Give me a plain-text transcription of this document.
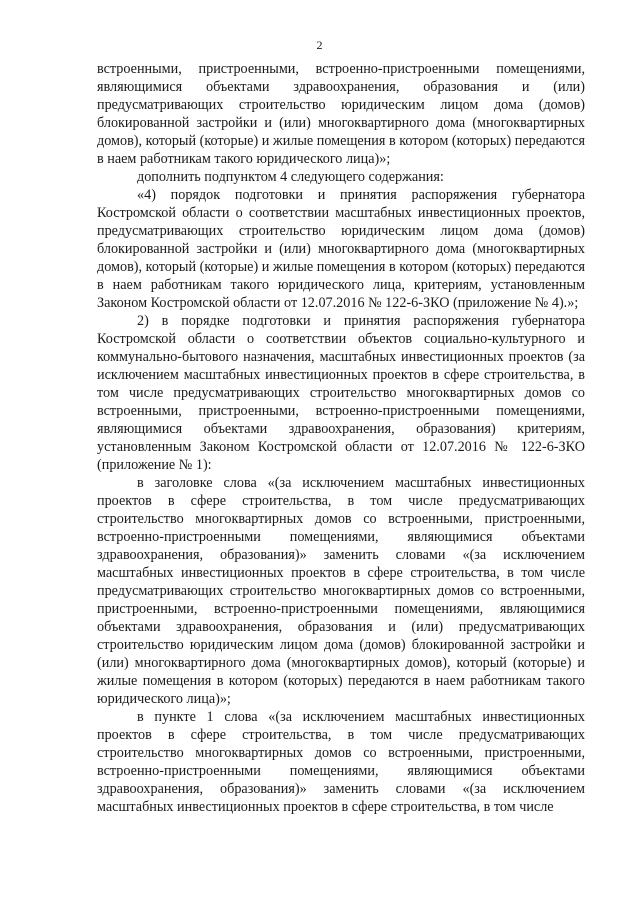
2

встроенными, пристроенными, встроенно-пристроенными помещениями, являющимися объектами здравоохранения, образования и (или) предусматривающих строительство юридическим лицом дома (домов) блокированной застройки и (или) многоквартирного дома (многоквартирных домов), который (которые) и жилые помещения в котором (которых) передаются в наем работникам такого юридического лица)»;

дополнить подпунктом 4 следующего содержания:

«4) порядок подготовки и принятия распоряжения губернатора Костромской области о соответствии масштабных инвестиционных проектов, предусматривающих строительство юридическим лицом дома (домов) блокированной застройки и (или) многоквартирного дома (многоквартирных домов), который (которые) и жилые помещения в котором (которых) передаются в наем работникам такого юридического лица, критериям, установленным Законом Костромской области от 12.07.2016 № 122-6-ЗКО (приложение № 4).»;

2) в порядке подготовки и принятия распоряжения губернатора Костромской области о соответствии объектов социально-культурного и коммунально-бытового назначения, масштабных инвестиционных проектов (за исключением масштабных инвестиционных проектов в сфере строительства, в том числе предусматривающих строительство многоквартирных домов со встроенными, пристроенными, встроенно-пристроенными помещениями, являющимися объектами здравоохранения, образования) критериям, установленным Законом Костромской области от 12.07.2016 № 122-6-ЗКО (приложение № 1):

в заголовке слова «(за исключением масштабных инвестиционных проектов в сфере строительства, в том числе предусматривающих строительство многоквартирных домов со встроенными, пристроенными, встроенно-пристроенными помещениями, являющимися объектами здравоохранения, образования)» заменить словами «(за исключением масштабных инвестиционных проектов в сфере строительства, в том числе предусматривающих строительство многоквартирных домов со встроенными, пристроенными, встроенно-пристроенными помещениями, являющимися объектами здравоохранения, образования и (или) предусматривающих строительство юридическим лицом дома (домов) блокированной застройки и (или) многоквартирного дома (многоквартирных домов), который (которые) и жилые помещения в котором (которых) передаются в наем работникам такого юридического лица)»;

в пункте 1 слова «(за исключением масштабных инвестиционных проектов в сфере строительства, в том числе предусматривающих строительство многоквартирных домов со встроенными, пристроенными, встроенно-пристроенными помещениями, являющимися объектами здравоохранения, образования)» заменить словами «(за исключением масштабных инвестиционных проектов в сфере строительства, в том числе
